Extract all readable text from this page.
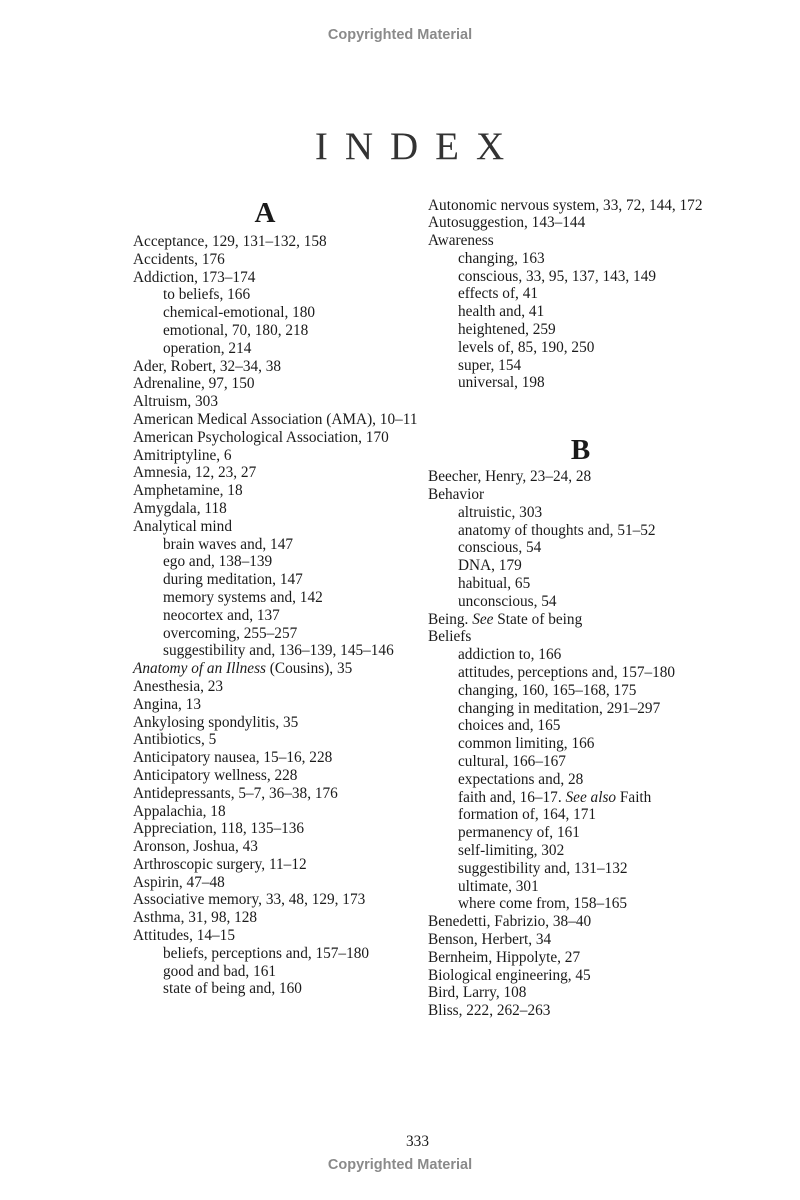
Copyrighted Material
INDEX
A
Acceptance, 129, 131–132, 158
Accidents, 176
Addiction, 173–174
to beliefs, 166
chemical-emotional, 180
emotional, 70, 180, 218
operation, 214
Ader, Robert, 32–34, 38
Adrenaline, 97, 150
Altruism, 303
American Medical Association (AMA), 10–11
American Psychological Association, 170
Amitriptyline, 6
Amnesia, 12, 23, 27
Amphetamine, 18
Amygdala, 118
Analytical mind
brain waves and, 147
ego and, 138–139
during meditation, 147
memory systems and, 142
neocortex and, 137
overcoming, 255–257
suggestibility and, 136–139, 145–146
Anatomy of an Illness (Cousins), 35
Anesthesia, 23
Angina, 13
Ankylosing spondylitis, 35
Antibiotics, 5
Anticipatory nausea, 15–16, 228
Anticipatory wellness, 228
Antidepressants, 5–7, 36–38, 176
Appalachia, 18
Appreciation, 118, 135–136
Aronson, Joshua, 43
Arthroscopic surgery, 11–12
Aspirin, 47–48
Associative memory, 33, 48, 129, 173
Asthma, 31, 98, 128
Attitudes, 14–15
beliefs, perceptions and, 157–180
good and bad, 161
state of being and, 160
Autonomic nervous system, 33, 72, 144, 172
Autosuggestion, 143–144
Awareness
changing, 163
conscious, 33, 95, 137, 143, 149
effects of, 41
health and, 41
heightened, 259
levels of, 85, 190, 250
super, 154
universal, 198
B
Beecher, Henry, 23–24, 28
Behavior
altruistic, 303
anatomy of thoughts and, 51–52
conscious, 54
DNA, 179
habitual, 65
unconscious, 54
Being. See State of being
Beliefs
addiction to, 166
attitudes, perceptions and, 157–180
changing, 160, 165–168, 175
changing in meditation, 291–297
choices and, 165
common limiting, 166
cultural, 166–167
expectations and, 28
faith and, 16–17. See also Faith
formation of, 164, 171
permanency of, 161
self-limiting, 302
suggestibility and, 131–132
ultimate, 301
where come from, 158–165
Benedetti, Fabrizio, 38–40
Benson, Herbert, 34
Bernheim, Hippolyte, 27
Biological engineering, 45
Bird, Larry, 108
Bliss, 222, 262–263
333
Copyrighted Material
